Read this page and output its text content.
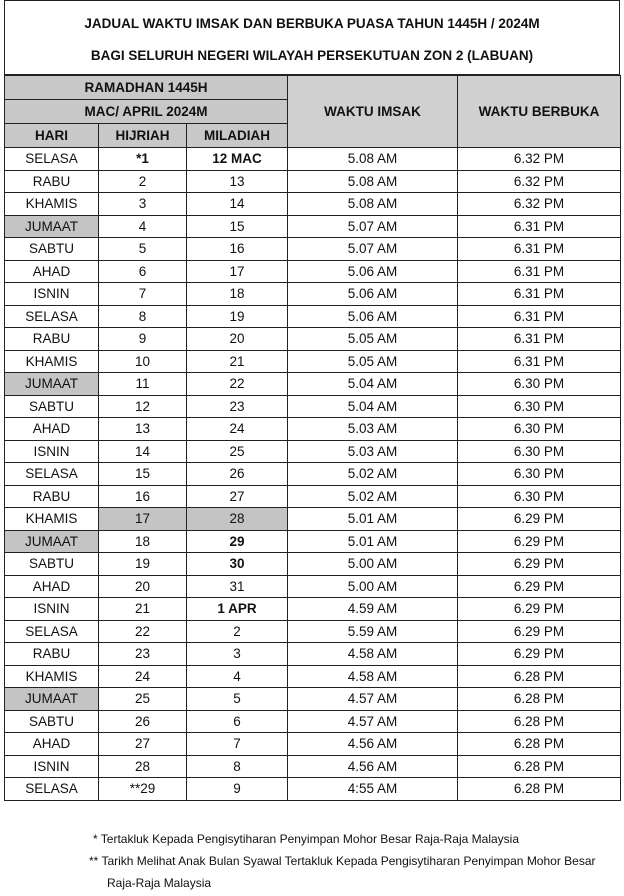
JADUAL WAKTU IMSAK DAN BERBUKA PUASA TAHUN 1445H / 2024M
BAGI SELURUH NEGERI WILAYAH PERSEKUTUAN ZON 2 (LABUAN)
RAMADHAN 1445H			WAKTU IMSAK	WAKTU BERBUKA
MAC/ APRIL 2024M				
HARI	HIJRIAH	MILADIAH		
SELASA	*1	12 MAC	5.08 AM	6.32 PM
RABU	2	13	5.08 AM	6.32 PM
KHAMIS	3	14	5.08 AM	6.32 PM
JUMAAT	4	15	5.07 AM	6.31 PM
SABTU	5	16	5.07 AM	6.31 PM
AHAD	6	17	5.06 AM	6.31 PM
ISNIN	7	18	5.06 AM	6.31 PM
SELASA	8	19	5.06 AM	6.31 PM
RABU	9	20	5.05 AM	6.31 PM
KHAMIS	10	21	5.05 AM	6.31 PM
JUMAAT	11	22	5.04 AM	6.30 PM
SABTU	12	23	5.04 AM	6.30 PM
AHAD	13	24	5.03 AM	6.30 PM
ISNIN	14	25	5.03 AM	6.30 PM
SELASA	15	26	5.02 AM	6.30 PM
RABU	16	27	5.02 AM	6.30 PM
KHAMIS	17	28	5.01 AM	6.29 PM
JUMAAT	18	29	5.01 AM	6.29 PM
SABTU	19	30	5.00 AM	6.29 PM
AHAD	20	31	5.00 AM	6.29 PM
ISNIN	21	1 APR	4.59 AM	6.29 PM
SELASA	22	2	5.59 AM	6.29 PM
RABU	23	3	4.58 AM	6.29 PM
KHAMIS	24	4	4.58 AM	6.28 PM
JUMAAT	25	5	4.57 AM	6.28 PM
SABTU	26	6	4.57 AM	6.28 PM
AHAD	27	7	4.56 AM	6.28 PM
ISNIN	28	8	4.56 AM	6.28 PM
SELASA	**29	9	4:55 AM	6.28 PM
* Tertakluk Kepada Pengisytiharan Penyimpan Mohor Besar Raja-Raja Malaysia
** Tarikh Melihat Anak Bulan Syawal Tertakluk Kepada Pengisytiharan Penyimpan Mohor Besar
Raja-Raja Malaysia
